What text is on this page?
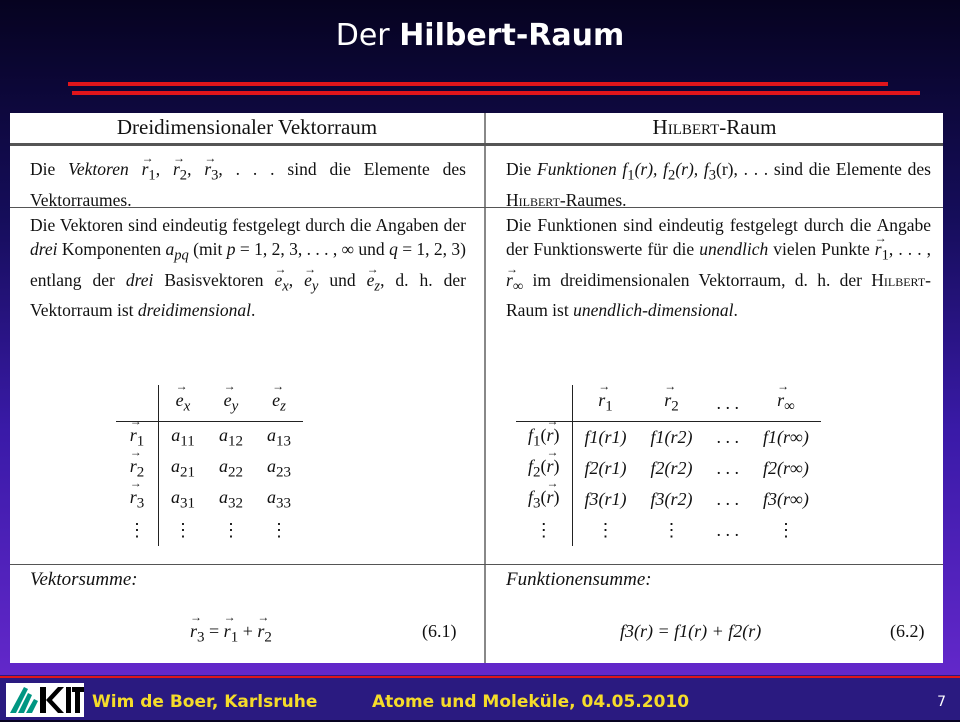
Der Hilbert-Raum
Dreidimensionaler Vektorraum
Die Vektoren → $r_1$, → $r_2$, → $r_3$, . . . sind die Elemente des Vektorraumes.
Die Vektoren sind eindeutig festgelegt durch die Angaben der drei Komponenten $a_{pq}$ (mit p = 1, 2, 3, . . . , ∞ und q = 1, 2, 3) entlang der drei Basisvektoren → $e_x$, → $e_y$ und → $e_z$, d. h. der Vektorraum ist dreidimensional.
	→ $e_x$	→ $e_y$	→ $e_z$
→ $r_1$	$a_{11}$	$a_{12}$	$a_{13}$
→ $r_2$	$a_{21}$	$a_{22}$	$a_{23}$
→ $r_3$	$a_{31}$	$a_{32}$	$a_{33}$
⋮	⋮	⋮	⋮
Vektorsumme:
→ $r_3$ = → $r_1$ + → $r_2$	(6.1)
Hilbert-Raum
Die Funktionen $f_1(r)$, $f_2(r)$, $f_3(r)$, . . . sind die Elemente des Hilbert-Raumes.
Die Funktionen sind eindeutig festgelegt durch die Angabe der Funktionswerte für die unendlich vielen Punkte → $r_1$, . . . , → $r_\infty$ im dreidimensionalen Vektorraum, d. h. der Hilbert-Raum ist unendlich-dimensional.
	→ $r_1$	→ $r_2$	. . .	→ $r_\infty$
$f_1(\to r)$	f1(r1)	f1(r2)	. . .	f1(r∞)
$f_2(\to r)$	f2(r1)	f2(r2)	. . .	f2(r∞)
$f_3(\to r)$	f3(r1)	f3(r2)	. . .	f3(r∞)
⋮	⋮	⋮	. . .	⋮
Funktionensumme:
f3(r) = f1(r) + f2(r)	(6.2)
Wim de Boer, Karlsruhe	Atome und Moleküle, 04.05.2010	7
